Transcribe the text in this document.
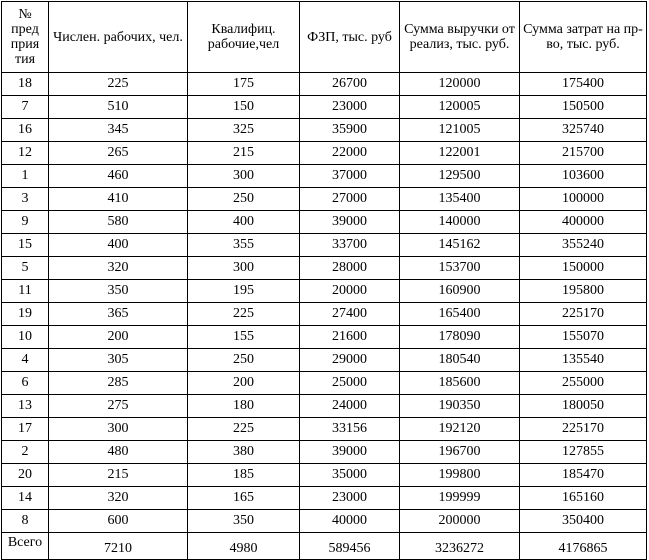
№ пред прия тия	Числен. рабочих, чел.	Квалифиц. рабочие,чел	ФЗП, тыс. руб	Сумма выручки от реализ, тыс. руб.	Сумма затрат на пр-во, тыс. руб.
18	225	175	26700	120000	175400
7	510	150	23000	120005	150500
16	345	325	35900	121005	325740
12	265	215	22000	122001	215700
1	460	300	37000	129500	103600
3	410	250	27000	135400	100000
9	580	400	39000	140000	400000
15	400	355	33700	145162	355240
5	320	300	28000	153700	150000
11	350	195	20000	160900	195800
19	365	225	27400	165400	225170
10	200	155	21600	178090	155070
4	305	250	29000	180540	135540
6	285	200	25000	185600	255000
13	275	180	24000	190350	180050
17	300	225	33156	192120	225170
2	480	380	39000	196700	127855
20	215	185	35000	199800	185470
14	320	165	23000	199999	165160
8	600	350	40000	200000	350400
Всего	7210	4980	589456	3236272	4176865
